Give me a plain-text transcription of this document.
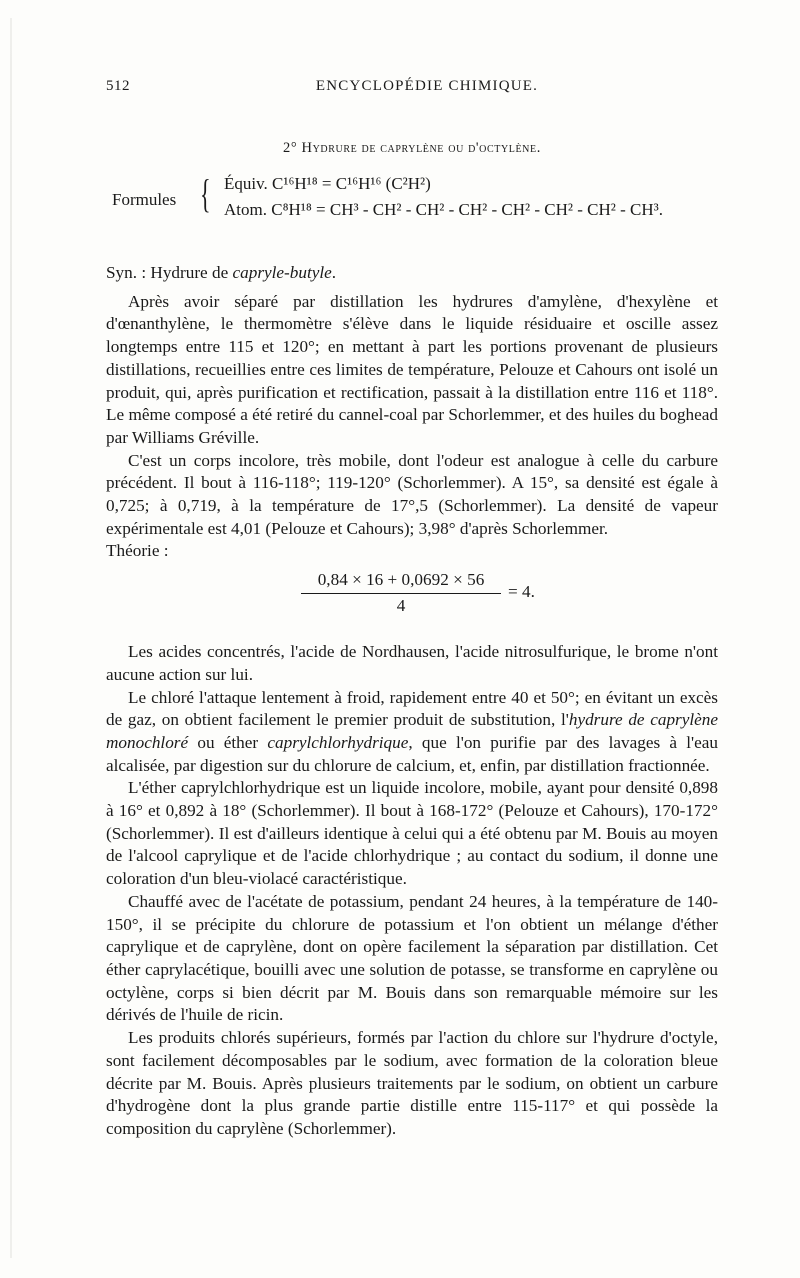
512	ENCYCLOPÉDIE CHIMIQUE.
2° Hydrure de caprylène ou d'octylène.
Formules { Équiv. C¹⁶H¹⁸ = C¹⁶H¹⁶ (C²H²)
Atom. C⁸H¹⁸ = CH³ - CH² - CH² - CH² - CH² - CH² - CH² - CH³.

Syn. : Hydrure de capryle-butyle.

Après avoir séparé par distillation les hydrures d'amylène, d'hexylène et d'œnanthylène, le thermomètre s'élève dans le liquide résiduaire et oscille assez longtemps entre 115 et 120°; en mettant à part les portions provenant de plusieurs distillations, recueillies entre ces limites de température, Pelouze et Cahours ont isolé un produit, qui, après purification et rectification, passait à la distillation entre 116 et 118°. Le même composé a été retiré du cannel-coal par Schorlemmer, et des huiles du boghead par Williams Gréville.

C'est un corps incolore, très mobile, dont l'odeur est analogue à celle du carbure précédent. Il bout à 116-118°; 119-120° (Schorlemmer). A 15°, sa densité est égale à 0,725; à 0,719, à la température de 17°,5 (Schorlemmer). La densité de vapeur expérimentale est 4,01 (Pelouze et Cahours); 3,98° d'après Schorlemmer.

Théorie :

$\frac{0,84 \times 16 + 0,0692 \times 56}{4} = 4$.

Les acides concentrés, l'acide de Nordhausen, l'acide nitrosulfurique, le brome n'ont aucune action sur lui.

Le chloré l'attaque lentement à froid, rapidement entre 40 et 50°; en évitant un excès de gaz, on obtient facilement le premier produit de substitution, l'hydrure de caprylène monochloré ou éther caprylchlorhydrique, que l'on purifie par des lavages à l'eau alcalisée, par digestion sur du chlorure de calcium, et, enfin, par distillation fractionnée.

L'éther caprylchlorhydrique est un liquide incolore, mobile, ayant pour densité 0,898 à 16° et 0,892 à 18° (Schorlemmer). Il bout à 168-172° (Pelouze et Cahours), 170-172° (Schorlemmer). Il est d'ailleurs identique à celui qui a été obtenu par M. Bouis au moyen de l'alcool caprylique et de l'acide chlorhydrique ; au contact du sodium, il donne une coloration d'un bleu-violacé caractéristique.

Chauffé avec de l'acétate de potassium, pendant 24 heures, à la température de 140-150°, il se précipite du chlorure de potassium et l'on obtient un mélange d'éther caprylique et de caprylène, dont on opère facilement la séparation par distillation. Cet éther caprylacétique, bouilli avec une solution de potasse, se transforme en caprylène ou octylène, corps si bien décrit par M. Bouis dans son remarquable mémoire sur les dérivés de l'huile de ricin.

Les produits chlorés supérieurs, formés par l'action du chlore sur l'hydrure d'octyle, sont facilement décomposables par le sodium, avec formation de la coloration bleue décrite par M. Bouis. Après plusieurs traitements par le sodium, on obtient un carbure d'hydrogène dont la plus grande partie distille entre 115-117° et qui possède la composition du caprylène (Schorlemmer).
